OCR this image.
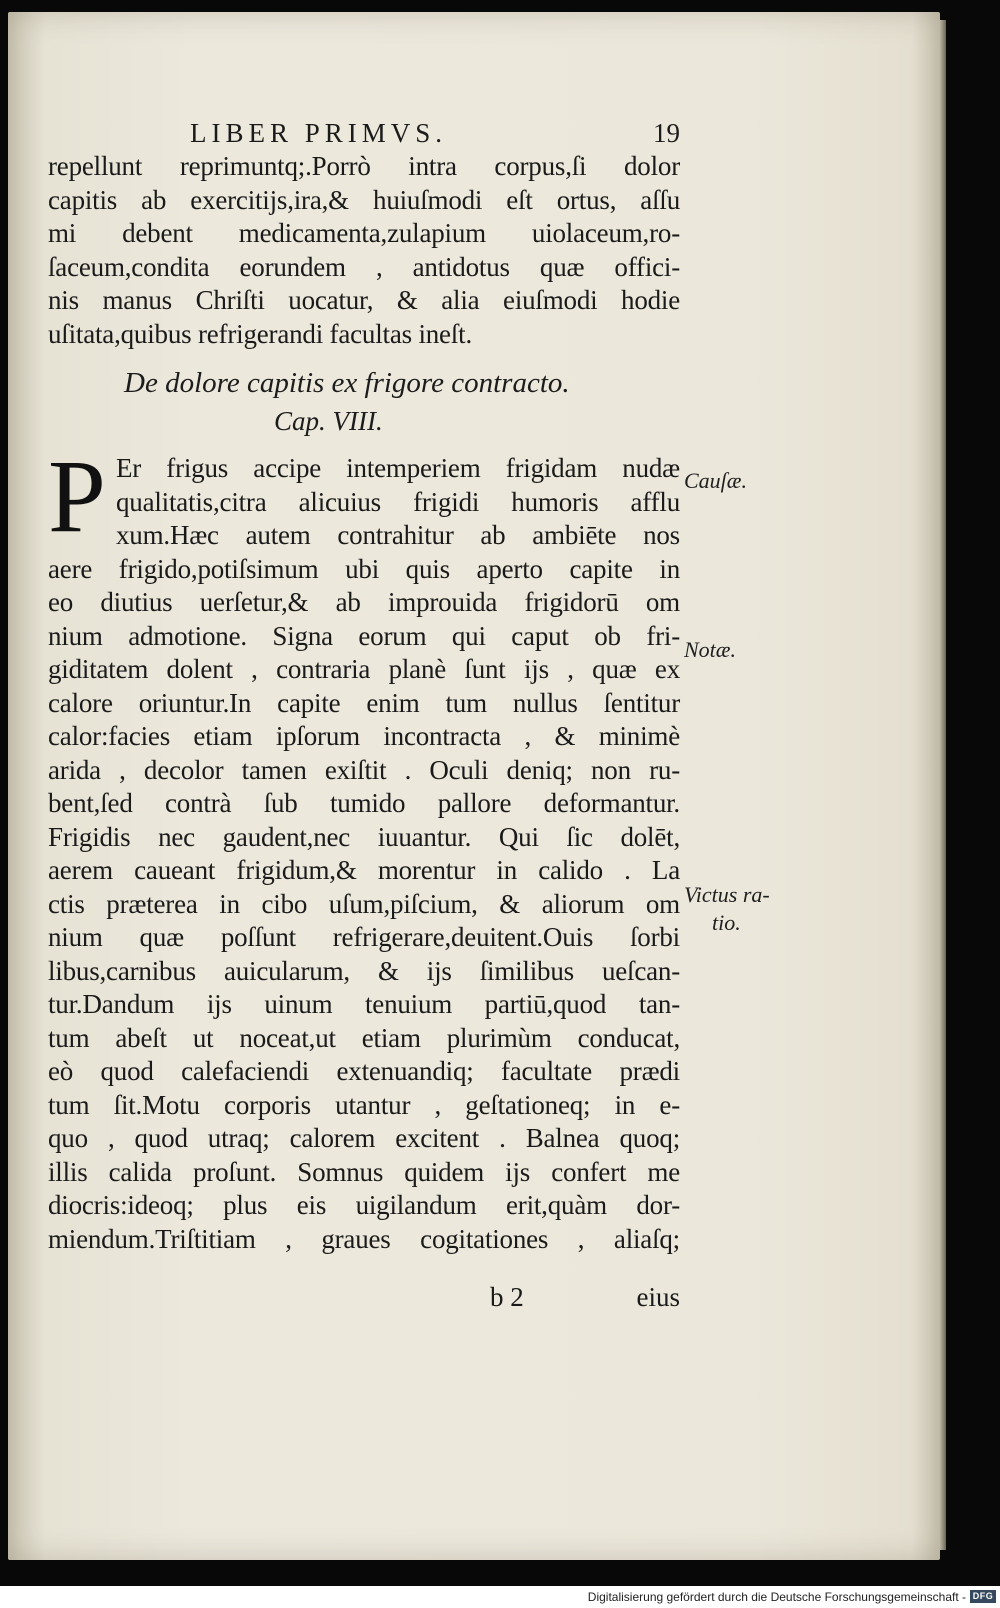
LIBER PRIMVS.	19
repellunt reprimuntq;.Porrò intra corpus,ſi dolor
capitis ab exercitijs,ira,& huiuſmodi eſt ortus, aſſu
mi debent medicamenta,zulapium uiolaceum,ro-
ſaceum,condita eorundem , antidotus quæ offici-
nis manus Chriſti uocatur, & alia eiuſmodi hodie
uſitata,quibus refrigerandi facultas ineſt.
De dolore capitis ex frigore contracto.
Cap. VIII.
P Er frigus accipe intemperiem frigidam nudæ
qualitatis,citra alicuius frigidi humoris afflu
xum.Hæc autem contrahitur ab ambiēte nos
aere frigido,potiſsimum ubi quis aperto capite in
eo diutius uerſetur,& ab improuida frigidorū om
nium admotione. Signa eorum qui caput ob fri-
giditatem dolent , contraria planè ſunt ijs , quæ ex
calore oriuntur.In capite enim tum nullus ſentitur
calor:facies etiam ipſorum incontracta , & minimè
arida , decolor tamen exiſtit . Oculi deniq; non ru-
bent,ſed contrà ſub tumido pallore deformantur.
Frigidis nec gaudent,nec iuuantur. Qui ſic dolēt,
aerem caueant frigidum,& morentur in calido . La
ctis præterea in cibo uſum,piſcium, & aliorum om
nium quæ poſſunt refrigerare,deuitent.Ouis ſorbi
libus,carnibus auicularum, & ijs ſimilibus ueſcan-
tur.Dandum ijs uinum tenuium partiū,quod tan-
tum abeſt ut noceat,ut etiam plurimùm conducat,
eò quod calefaciendi extenuandiq; facultate prædi
tum ſit.Motu corporis utantur , geſtationeq; in e-
quo , quod utraq; calorem excitent . Balnea quoq;
illis calida proſunt. Somnus quidem ijs confert me
diocris:ideoq; plus eis uigilandum erit,quàm dor-
miendum.Triſtitiam , graues cogitationes , aliaſq;
Cauſæ.
Notæ.
Victus ra-
tio.
b 2	eius
Digitalisierung gefördert durch die Deutsche Forschungsgemeinschaft - DFG
